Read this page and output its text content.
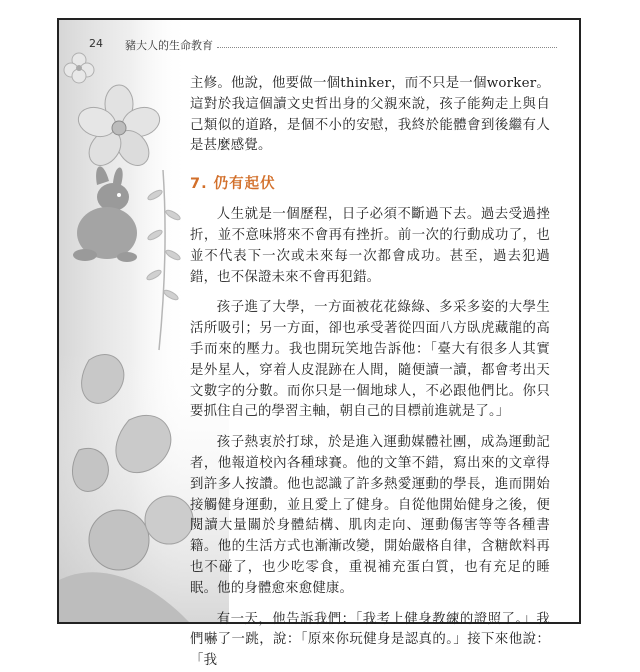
24 豬大人的生命教育

主修。他說，他要做一個thinker，而不只是一個worker。這對於我這個讀文史哲出身的父親來說，孩子能夠走上與自己類似的道路，是個不小的安慰，我終於能體會到後繼有人是甚麼感覺。

7. 仍有起伏

人生就是一個歷程，日子必須不斷過下去。過去受過挫折，並不意味將來不會再有挫折。前一次的行動成功了，也並不代表下一次或未來每一次都會成功。甚至，過去犯過錯，也不保證未來不會再犯錯。

孩子進了大學，一方面被花花綠綠、多采多姿的大學生活所吸引；另一方面，卻也承受著從四面八方臥虎藏龍的高手而來的壓力。我也開玩笑地告訴他：「臺大有很多人其實是外星人，穿着人皮混跡在人間，隨便讀一讀，都會考出天文數字的分數。而你只是一個地球人，不必跟他們比。你只要抓住自己的學習主軸，朝自己的目標前進就是了。」

孩子熱衷於打球，於是進入運動媒體社團，成為運動記者，他報道校內各種球賽。他的文筆不錯，寫出來的文章得到許多人按讚。他也認識了許多熱愛運動的學長，進而開始接觸健身運動，並且愛上了健身。自從他開始健身之後，便閱讀大量關於身體結構、肌肉走向、運動傷害等等各種書籍。他的生活方式也漸漸改變，開始嚴格自律，含糖飲料再也不碰了，也少吃零食，重視補充蛋白質，也有充足的睡眠。他的身體愈來愈健康。

有一天，他告訴我們：「我考上健身教練的證照了。」我們嚇了一跳，說：「原來你玩健身是認真的。」接下來他說：「我
